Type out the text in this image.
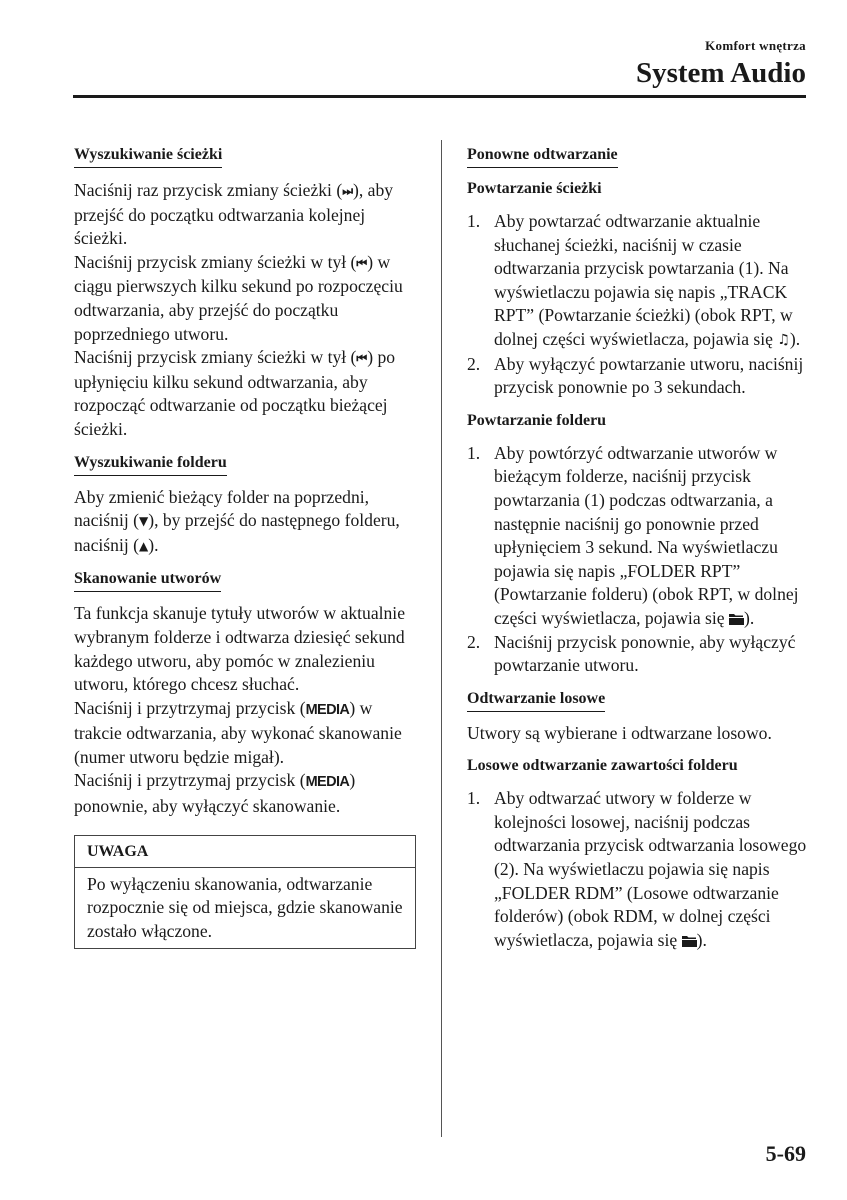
Komfort wnętrza
System Audio
Wyszukiwanie ścieżki

Naciśnij raz przycisk zmiany ścieżki (⏭), aby przejść do początku odtwarzania kolejnej ścieżki.

Naciśnij przycisk zmiany ścieżki w tył (⏮) w ciągu pierwszych kilku sekund po rozpoczęciu odtwarzania, aby przejść do początku poprzedniego utworu.

Naciśnij przycisk zmiany ścieżki w tył (⏮) po upłynięciu kilku sekund odtwarzania, aby rozpocząć odtwarzanie od początku bieżącej ścieżki.

Wyszukiwanie folderu

Aby zmienić bieżący folder na poprzedni, naciśnij (▼), by przejść do następnego folderu, naciśnij (▲).

Skanowanie utworów

Ta funkcja skanuje tytuły utworów w aktualnie wybranym folderze i odtwarza dziesięć sekund każdego utworu, aby pomóc w znalezieniu utworu, którego chcesz słuchać.

Naciśnij i przytrzymaj przycisk (MEDIA) w trakcie odtwarzania, aby wykonać skanowanie (numer utworu będzie migał).

Naciśnij i przytrzymaj przycisk (MEDIA) ponownie, aby wyłączyć skanowanie.

UWAGA
Po wyłączeniu skanowania, odtwarzanie rozpocznie się od miejsca, gdzie skanowanie zostało włączone.
Ponowne odtwarzanie
Powtarzanie ścieżki
1. Aby powtarzać odtwarzanie aktualnie słuchanej ścieżki, naciśnij w czasie odtwarzania przycisk powtarzania (1). Na wyświetlaczu pojawia się napis „TRACK RPT” (Powtarzanie ścieżki) (obok RPT, w dolnej części wyświetlacza, pojawia się ♫).
2. Aby wyłączyć powtarzanie utworu, naciśnij przycisk ponownie po 3 sekundach.
Powtarzanie folderu
1. Aby powtórzyć odtwarzanie utworów w bieżącym folderze, naciśnij przycisk powtarzania (1) podczas odtwarzania, a następnie naciśnij go ponownie przed upłynięciem 3 sekund. Na wyświetlaczu pojawia się napis „FOLDER RPT” (Powtarzanie folderu) (obok RPT, w dolnej części wyświetlacza, pojawia się ).
2. Naciśnij przycisk ponownie, aby wyłączyć powtarzanie utworu.
Odtwarzanie losowe

Utwory są wybierane i odtwarzane losowo.

Losowe odtwarzanie zawartości folderu
1. Aby odtwarzać utwory w folderze w kolejności losowej, naciśnij podczas odtwarzania przycisk odtwarzania losowego (2). Na wyświetlaczu pojawia się napis „FOLDER RDM” (Losowe odtwarzanie folderów) (obok RDM, w dolnej części wyświetlacza, pojawia się ).
5-69
